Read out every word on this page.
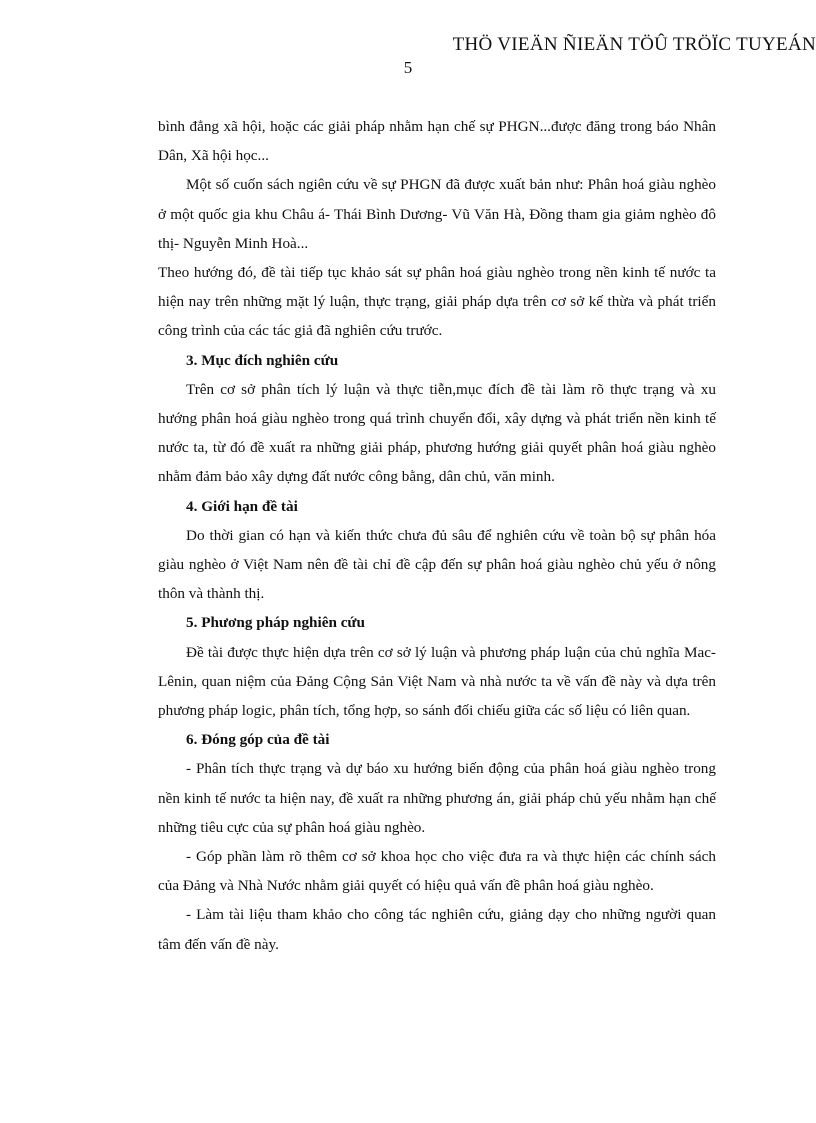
THÖ VIEÄN ÑIEÄN TÖÛ TRÖÏC TUYEÁN
5

bình đẳng xã hội, hoặc các giải pháp nhằm hạn chế sự PHGN...được đăng trong báo Nhân Dân, Xã hội học...

Một số cuốn sách ngiên cứu về sự PHGN đã được xuất bản như: Phân hoá giàu nghèo ở một quốc gia khu Châu á- Thái Bình Dương- Vũ Văn Hà, Đồng tham gia giảm nghèo đô thị- Nguyễn Minh Hoà...

Theo hướng đó, đề tài tiếp tục khảo sát sự phân hoá giàu nghèo trong nền kinh tế nước ta hiện nay trên những mặt lý luận, thực trạng, giải pháp dựa trên cơ sở kế thừa và phát triển công trình của các tác giả đã nghiên cứu trước.

3. Mục đích nghiên cứu

Trên cơ sở phân tích lý luận và thực tiễn,mục đích đề tài làm rõ thực trạng và xu hướng phân hoá giàu nghèo trong quá trình chuyển đổi, xây dựng và phát triển nền kinh tế nước ta, từ đó đề xuất ra những giải pháp, phương hướng giải quyết phân hoá giàu nghèo nhằm đảm bảo xây dựng đất nước công bằng, dân chủ, văn minh.

4. Giới hạn đề tài

Do thời gian có hạn và kiến thức chưa đủ sâu để nghiên cứu về toàn bộ sự phân hóa giàu nghèo ở Việt Nam nên đề tài chỉ đề cập đến sự phân hoá giàu nghèo chủ yếu ở nông thôn và thành thị.

5. Phương pháp nghiên cứu

Đề tài được thực hiện dựa trên cơ sở lý luận và phương pháp luận của chủ nghĩa Mac-Lênin, quan niệm của Đảng Cộng Sản Việt Nam và nhà nước ta về vấn đề này và dựa trên phương pháp logic, phân tích, tổng hợp, so sánh đối chiếu giữa các số liệu có liên quan.

6. Đóng góp của đề tài

- Phân tích thực trạng và dự báo xu hướng biến động của phân hoá giàu nghèo trong nền kinh tế nước ta hiện nay, đề xuất ra những phương án, giải pháp chủ yếu nhằm hạn chế những tiêu cực của sự phân hoá giàu nghèo.

- Góp phần làm rõ thêm cơ sở khoa học cho việc đưa ra và thực hiện các chính sách của Đảng và Nhà Nước nhằm giải quyết có hiệu quả vấn đề phân hoá giàu nghèo.

- Làm tài liệu tham khảo cho công tác nghiên cứu, giảng dạy cho những người quan tâm đến vấn đề này.
